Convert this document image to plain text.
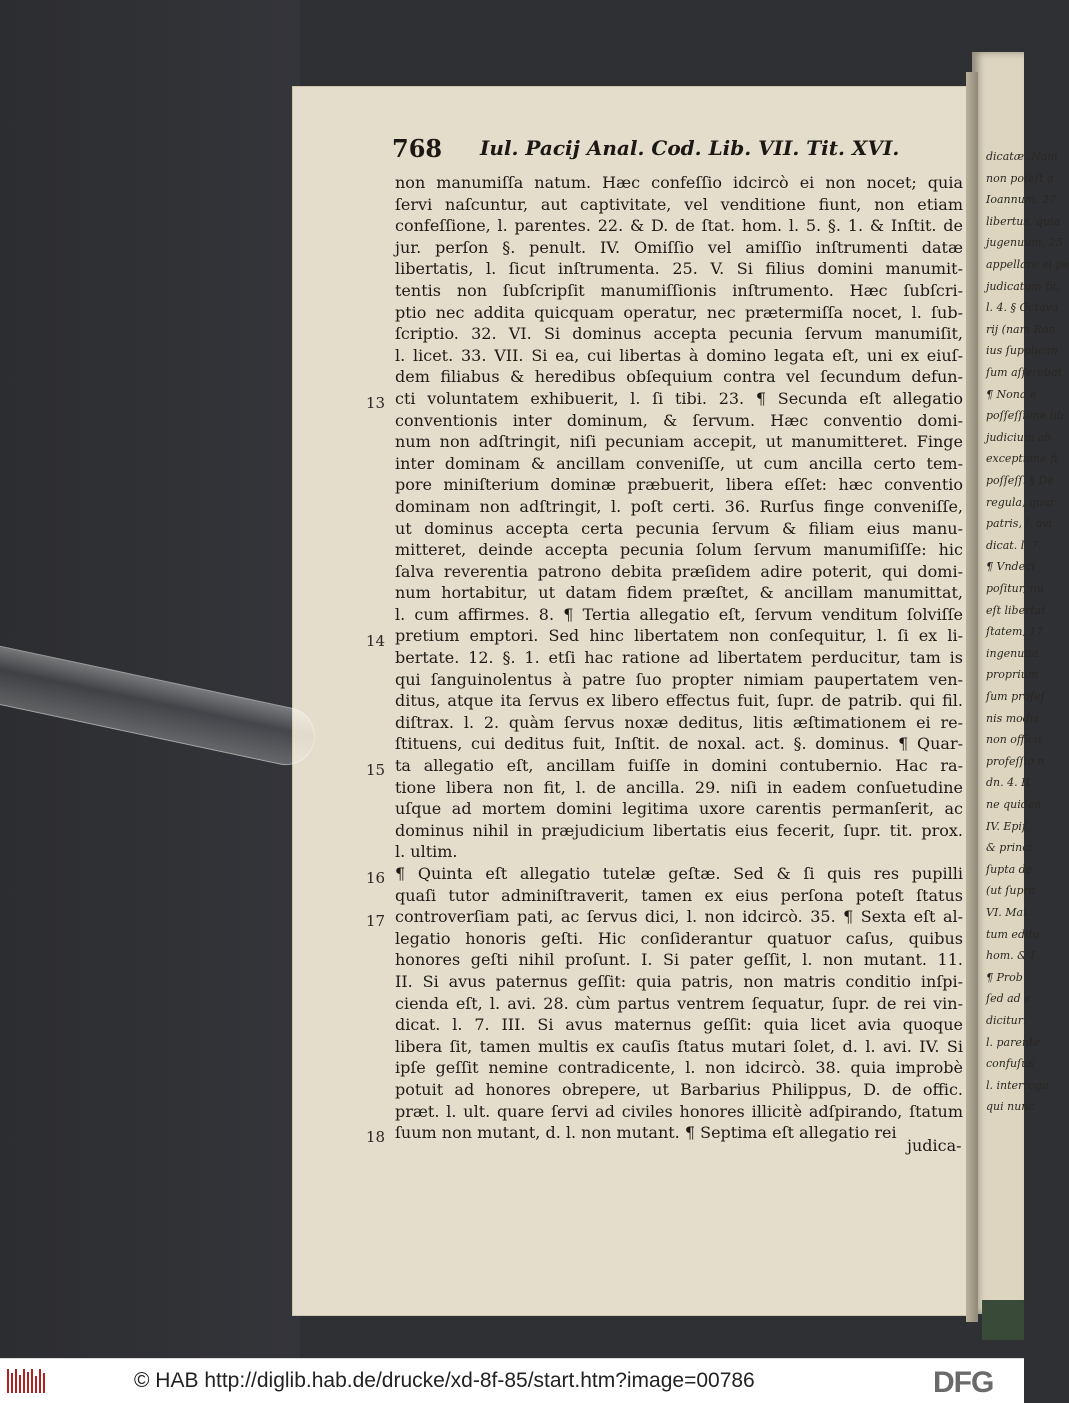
dicatæ. Nam
non poteſt a
Ioannum. 27.
libertus, quia
jugenuum. 25
appellare ei pe
judicatum fit,
l. 4. § Octava
rij (nam Ron
ius ſupplican
ſum aſſerebat
¶ Nona e
poſſeſſione lib
judicium ab
exceptione fi
poſſeſſ. § De
regula, quar
patris, l. avi
dicat. l. 7.
¶ Vndeci
poſitur, nu
eſt libertat
ſtatem, 17.
ingenuita
proprium
ſum profeſ
nis modis
non officit
profeſſio n
dn. 4. II
ne quiden
IV. Epiſ
& princi
ſupta de
(ut ſupra
VI. Mat
tum editu
hom. & I
¶ Prob
ſed ad e
dicitur:
l. parente
confuſus
l. interroga
qui nunc
768 Iul. Pacij Anal. Cod. Lib. VII. Tit. XVI.
non manumiſſa natum. Hæc confeſſio idcircò ei non nocet; quia
ſervi naſcuntur, aut captivitate, vel venditione fiunt, non etiam
confeſſione, l. parentes. 22. & D. de ſtat. hom. l. 5. §. 1. & Inſtit. de
jur. perſon §. penult. IV. Omiſſio vel amiſſio inſtrumenti datæ
libertatis, l. ſicut inſtrumenta. 25. V. Si filius domini manumit-
tentis non ſubſcripſit manumiſſionis inſtrumento. Hæc ſubſcri-
ptio nec addita quicquam operatur, nec prætermiſſa nocet, l. ſub-
ſcriptio. 32. VI. Si dominus accepta pecunia ſervum manumiſit,
l. licet. 33. VII. Si ea, cui libertas à domino legata eſt, uni ex eiuſ-
dem filiabus & heredibus obſequium contra vel ſecundum defun-
cti voluntatem exhibuerit, l. ſi tibi. 23. ¶ Secunda eſt allegatio
conventionis inter dominum, & ſervum. Hæc conventio domi-
num non adſtringit, niſi pecuniam accepit, ut manumitteret. Finge
inter dominam & ancillam conveniſſe, ut cum ancilla certo tem-
pore miniſterium dominæ præbuerit, libera eſſet: hæc conventio
dominam non adſtringit, l. poſt certi. 36. Rurſus finge conveniſſe,
ut dominus accepta certa pecunia ſervum & filiam eius manu-
mitteret, deinde accepta pecunia ſolum ſervum manumiſiſſe: hic
ſalva reverentia patrono debita præſidem adire poterit, qui domi-
num hortabitur, ut datam fidem præſtet, & ancillam manumittat,
l. cum affirmes. 8. ¶ Tertia allegatio eſt, ſervum venditum ſolviſſe
pretium emptori. Sed hinc libertatem non conſequitur, l. ſi ex li-
bertate. 12. §. 1. etſi hac ratione ad libertatem perducitur, tam is
qui ſanguinolentus à patre ſuo propter nimiam paupertatem ven-
ditus, atque ita ſervus ex libero effectus fuit, ſupr. de patrib. qui fil.
diſtrax. l. 2. quàm ſervus noxæ deditus, litis æſtimationem ei re-
ſtituens, cui deditus fuit, Inſtit. de noxal. act. §. dominus. ¶ Quar-
ta allegatio eſt, ancillam fuiſſe in domini contubernio. Hac ra-
tione libera non fit, l. de ancilla. 29. niſi in eadem conſuetudine
uſque ad mortem domini legitima uxore carentis permanſerit, ac
dominus nihil in præjudicium libertatis eius fecerit, ſupr. tit. prox.
l. ultim.
¶ Quinta eſt allegatio tutelæ geſtæ. Sed & ſi quis res pupilli
quaſi tutor adminiſtraverit, tamen ex eius perſona poteſt ſtatus
controverſiam pati, ac ſervus dici, l. non idcircò. 35. ¶ Sexta eſt al-
legatio honoris geſti. Hic conſiderantur quatuor caſus, quibus
honores geſti nihil proſunt. I. Si pater geſſit, l. non mutant. 11.
II. Si avus paternus geſſit: quia patris, non matris conditio inſpi-
cienda eſt, l. avi. 28. cùm partus ventrem ſequatur, ſupr. de rei vin-
dicat. l. 7. III. Si avus maternus geſſit: quia licet avia quoque
libera ſit, tamen multis ex cauſis ſtatus mutari ſolet, d. l. avi. IV. Si
ipſe geſſit nemine contradicente, l. non idcircò. 38. quia improbè
potuit ad honores obrepere, ut Barbarius Philippus, D. de offic.
præt. l. ult. quare ſervi ad civiles honores illicitè adſpirando, ſtatum
ſuum non mutant, d. l. non mutant. ¶ Septima eſt allegatio rei
13
14
15
16
17
18	judica-
© HAB http://diglib.hab.de/drucke/xd-8f-85/start.htm?image=00786	DFG
